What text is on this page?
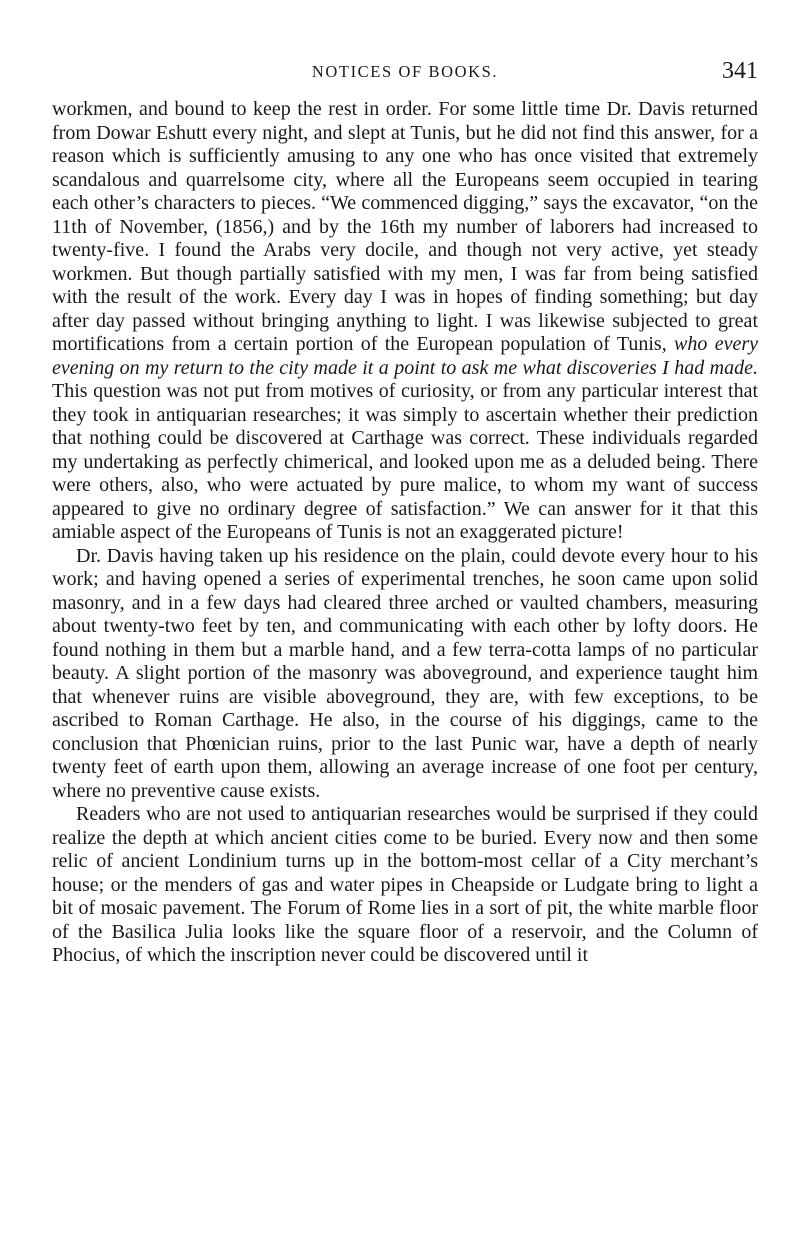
NOTICES OF BOOKS.	341

workmen, and bound to keep the rest in order. For some little time Dr. Davis returned from Dowar Eshutt every night, and slept at Tunis, but he did not find this answer, for a reason which is sufficiently amusing to any one who has once visited that extremely scandalous and quarrelsome city, where all the Europeans seem occupied in tearing each other’s characters to pieces. “We commenced digging,” says the excavator, “on the 11th of November, (1856,) and by the 16th my number of laborers had increased to twenty-five. I found the Arabs very docile, and though not very active, yet steady workmen. But though partially satisfied with my men, I was far from being satisfied with the result of the work. Every day I was in hopes of finding something; but day after day passed without bringing anything to light. I was likewise subjected to great mortifications from a certain portion of the European population of Tunis, who every evening on my return to the city made it a point to ask me what discoveries I had made. This question was not put from motives of curiosity, or from any particular interest that they took in antiquarian researches; it was simply to ascertain whether their prediction that nothing could be discovered at Carthage was correct. These individuals regarded my undertaking as perfectly chimerical, and looked upon me as a deluded being. There were others, also, who were actuated by pure malice, to whom my want of success appeared to give no ordinary degree of satisfaction.” We can answer for it that this amiable aspect of the Europeans of Tunis is not an exaggerated picture!

Dr. Davis having taken up his residence on the plain, could devote every hour to his work; and having opened a series of experimental trenches, he soon came upon solid masonry, and in a few days had cleared three arched or vaulted chambers, measuring about twenty-two feet by ten, and communicating with each other by lofty doors. He found nothing in them but a marble hand, and a few terra-cotta lamps of no particular beauty. A slight portion of the masonry was aboveground, and experience taught him that whenever ruins are visible aboveground, they are, with few exceptions, to be ascribed to Roman Carthage. He also, in the course of his diggings, came to the conclusion that Phœnician ruins, prior to the last Punic war, have a depth of nearly twenty feet of earth upon them, allowing an average increase of one foot per century, where no preventive cause exists.

Readers who are not used to antiquarian researches would be surprised if they could realize the depth at which ancient cities come to be buried. Every now and then some relic of ancient Londinium turns up in the bottom-most cellar of a City merchant’s house; or the menders of gas and water pipes in Cheapside or Ludgate bring to light a bit of mosaic pavement. The Forum of Rome lies in a sort of pit, the white marble floor of the Basilica Julia looks like the square floor of a reservoir, and the Column of Phocius, of which the inscription never could be discovered until it
